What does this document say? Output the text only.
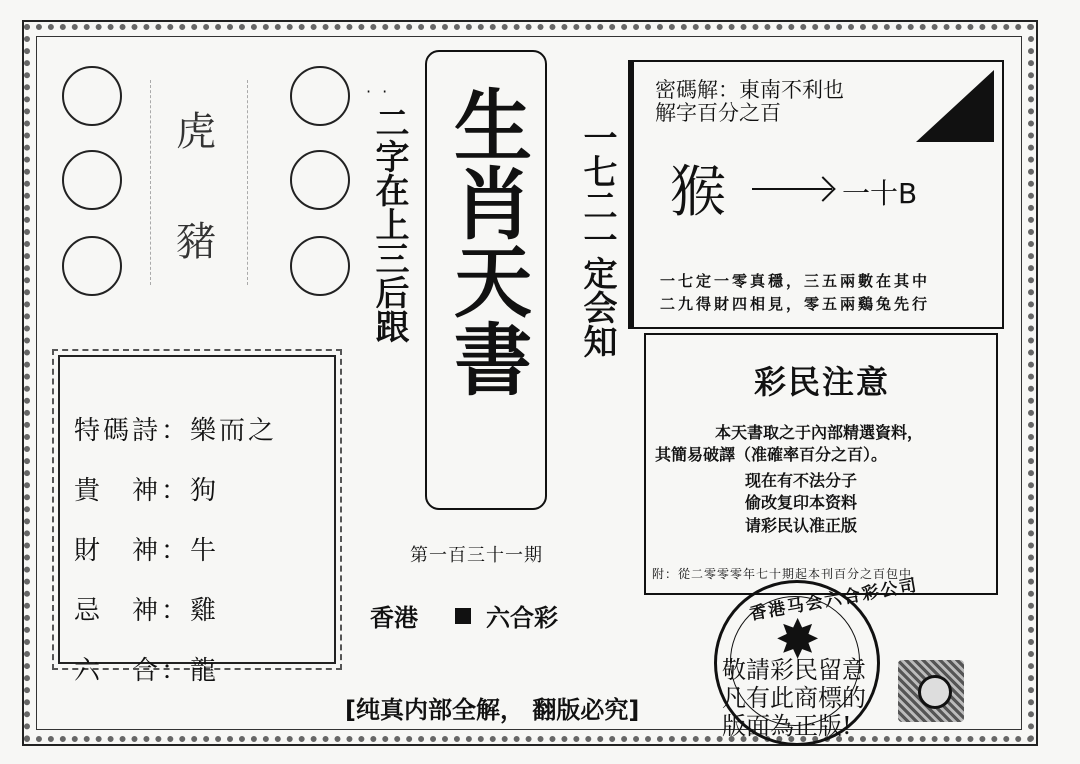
虎
豬
· ·
二字在上三后跟 生肖天書 一七二一定会知
密碼解：東南不利也
解字百分之百
猴	一十B
一七定一零真穩，三五兩數在其中
二九得財四相見，零五兩鷄兔先行
彩民注意
本天書取之于內部精選資料，
其簡易破譯（准確率百分之百）。
现在有不法分子
偷改复印本资料
请彩民认准正版
附：從二零零零年七十期起本刊百分之百包中
特碼詩：樂而之
貴　神：狗
財　神：牛
忌　神：雞
六　合：龍
第一百三十一期
香港	六合彩
[纯真内部全解， 翻版必究]
香港马会六合彩公司
✸
敬請彩民留意
凡有此商標的
版面為正版!
